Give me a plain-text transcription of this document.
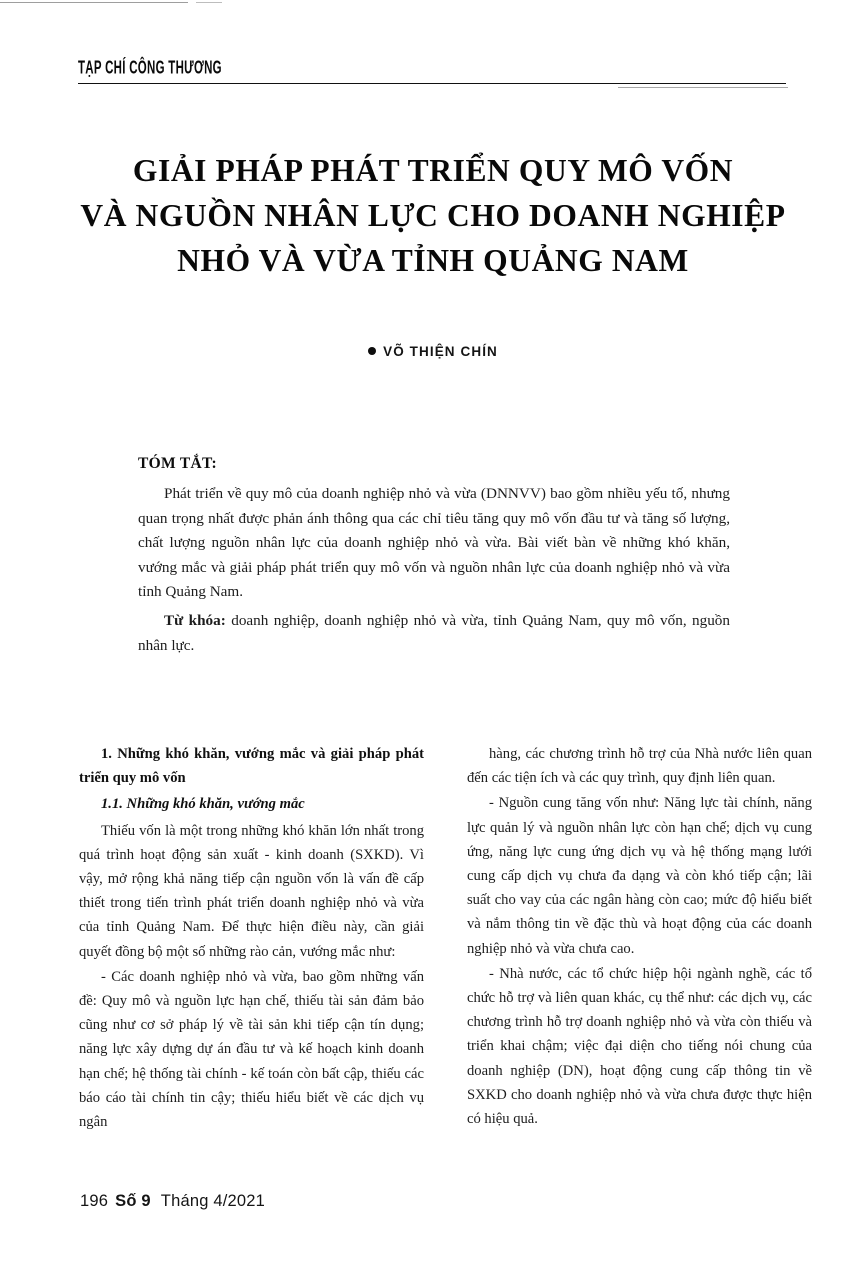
TẠP CHÍ CÔNG THƯƠNG
GIẢI PHÁP PHÁT TRIỂN QUY MÔ VỐN
VÀ NGUỒN NHÂN LỰC CHO DOANH NGHIỆP
NHỎ VÀ VỪA TỈNH QUẢNG NAM
VÕ THIỆN CHÍN
TÓM TẮT:

Phát triển về quy mô của doanh nghiệp nhỏ và vừa (DNNVV) bao gồm nhiều yếu tố, nhưng quan trọng nhất được phản ánh thông qua các chỉ tiêu tăng quy mô vốn đầu tư và tăng số lượng, chất lượng nguồn nhân lực của doanh nghiệp nhỏ và vừa. Bài viết bàn về những khó khăn, vướng mắc và giải pháp phát triển quy mô vốn và nguồn nhân lực của doanh nghiệp nhỏ và vừa tỉnh Quảng Nam.

Từ khóa: doanh nghiệp, doanh nghiệp nhỏ và vừa, tỉnh Quảng Nam, quy mô vốn, nguồn nhân lực.

1. Những khó khăn, vướng mắc và giải pháp phát triển quy mô vốn

1.1. Những khó khăn, vướng mắc

Thiếu vốn là một trong những khó khăn lớn nhất trong quá trình hoạt động sản xuất - kinh doanh (SXKD). Vì vậy, mở rộng khả năng tiếp cận nguồn vốn là vấn đề cấp thiết trong tiến trình phát triển doanh nghiệp nhỏ và vừa của tỉnh Quảng Nam. Để thực hiện điều này, cần giải quyết đồng bộ một số những rào cản, vướng mắc như:

- Các doanh nghiệp nhỏ và vừa, bao gồm những vấn đề: Quy mô và nguồn lực hạn chế, thiếu tài sản đảm bảo cũng như cơ sở pháp lý về tài sản khi tiếp cận tín dụng; năng lực xây dựng dự án đầu tư và kế hoạch kinh doanh hạn chế; hệ thống tài chính - kế toán còn bất cập, thiếu các báo cáo tài chính tin cậy; thiếu hiểu biết về các dịch vụ ngân

hàng, các chương trình hỗ trợ của Nhà nước liên quan đến các tiện ích và các quy trình, quy định liên quan.

- Nguồn cung tăng vốn như: Năng lực tài chính, năng lực quản lý và nguồn nhân lực còn hạn chế; dịch vụ cung ứng, năng lực cung ứng dịch vụ và hệ thống mạng lưới cung cấp dịch vụ chưa đa dạng và còn khó tiếp cận; lãi suất cho vay của các ngân hàng còn cao; mức độ hiểu biết và nắm thông tin về đặc thù và hoạt động của các doanh nghiệp nhỏ và vừa chưa cao.

- Nhà nước, các tổ chức hiệp hội ngành nghề, các tổ chức hỗ trợ và liên quan khác, cụ thể như: các dịch vụ, các chương trình hỗ trợ doanh nghiệp nhỏ và vừa còn thiếu và triển khai chậm; việc đại diện cho tiếng nói chung của doanh nghiệp (DN), hoạt động cung cấp thông tin về SXKD cho doanh nghiệp nhỏ và vừa chưa được thực hiện có hiệu quả.

196 Số 9 Tháng 4/2021
